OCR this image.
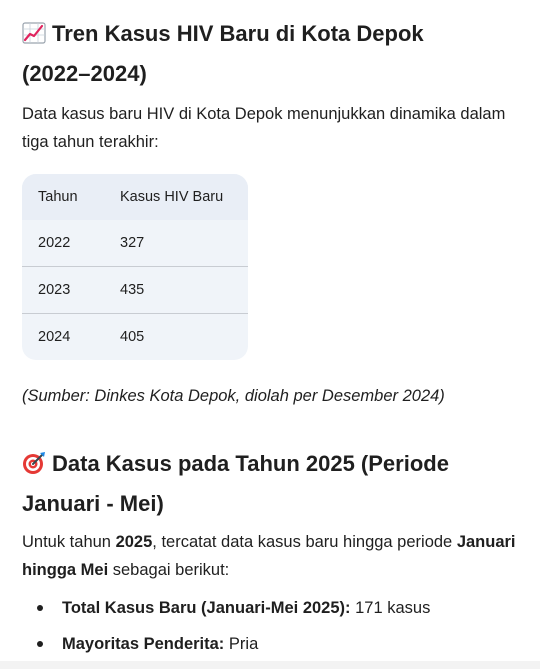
Tren Kasus HIV Baru di Kota Depok
(2022–2024)

Data kasus baru HIV di Kota Depok menunjukkan dinamika dalam tiga tahun terakhir:

Tahun	Kasus HIV Baru
2022	327
2023	435
2024	405

(Sumber: Dinkes Kota Depok, diolah per Desember 2024)

Data Kasus pada Tahun 2025 (Periode
Januari - Mei)

Untuk tahun 2025, tercatat data kasus baru hingga periode Januari hingga Mei sebagai berikut:

Total Kasus Baru (Januari-Mei 2025): 171 kasus
Mayoritas Penderita: Pria
